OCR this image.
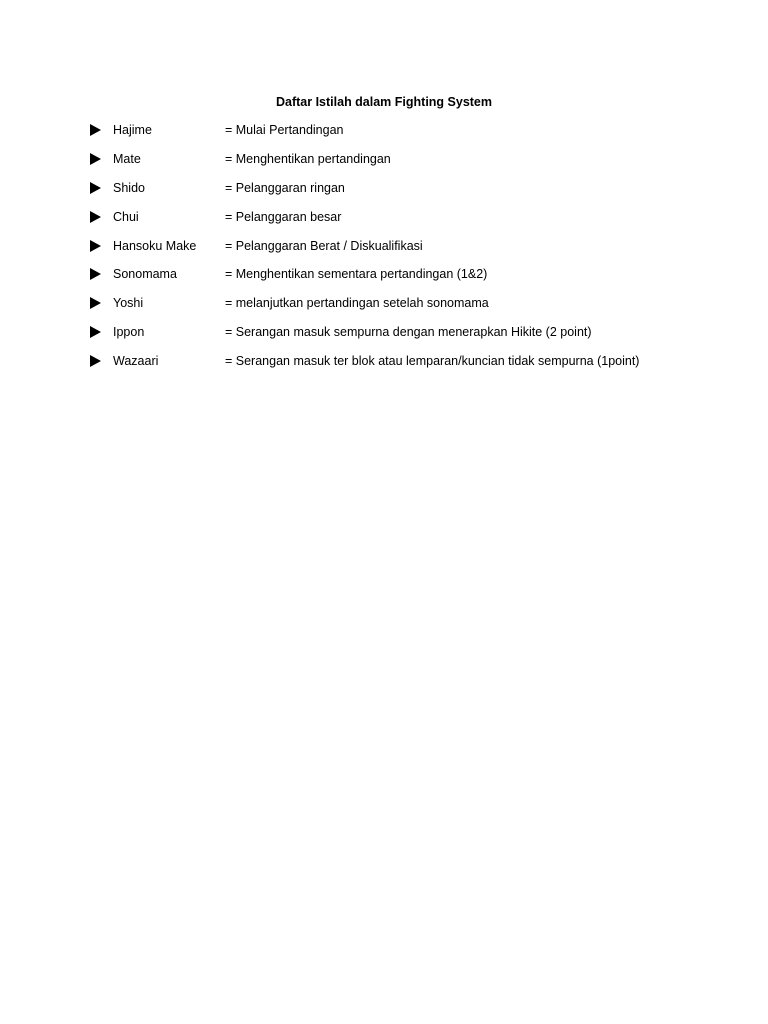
Daftar Istilah dalam Fighting System
Hajime	= Mulai Pertandingan
Mate	= Menghentikan pertandingan
Shido	= Pelanggaran ringan
Chui	= Pelanggaran besar
Hansoku Make = Pelanggaran Berat / Diskualifikasi
Sonomama	= Menghentikan sementara pertandingan (1&2)
Yoshi	= melanjutkan pertandingan setelah sonomama
Ippon	= Serangan masuk sempurna dengan menerapkan Hikite (2 point)
Wazaari	= Serangan masuk ter blok atau lemparan/kuncian tidak sempurna (1point)
